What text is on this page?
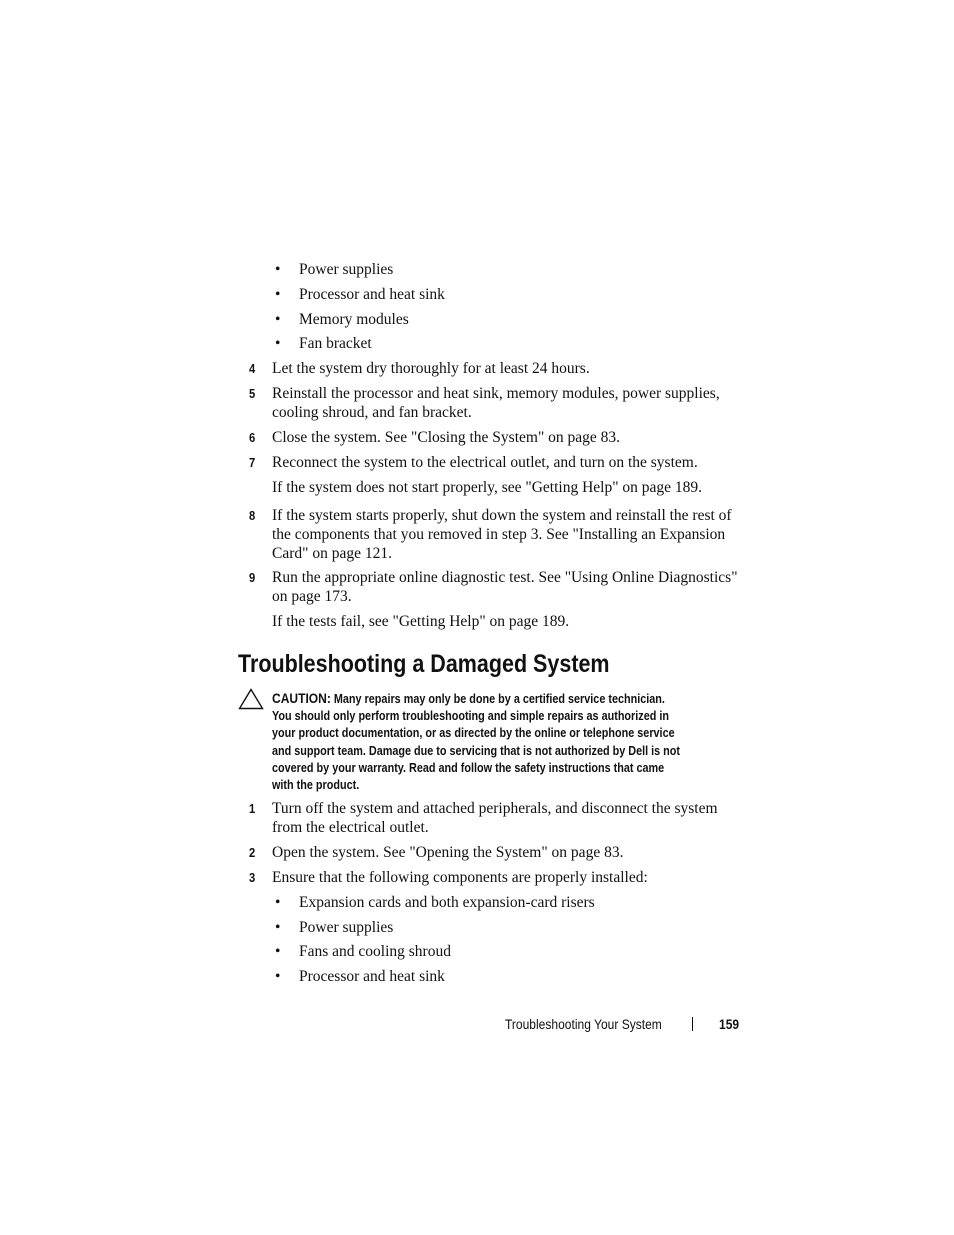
• Power supplies
• Processor and heat sink
• Memory modules
• Fan bracket
4 Let the system dry thoroughly for at least 24 hours.
5 Reinstall the processor and heat sink, memory modules, power supplies,
cooling shroud, and fan bracket.
6 Close the system. See "Closing the System" on page 83.
7 Reconnect the system to the electrical outlet, and turn on the system.
If the system does not start properly, see "Getting Help" on page 189.
8 If the system starts properly, shut down the system and reinstall the rest of
the components that you removed in step 3. See "Installing an Expansion
Card" on page 121.
9 Run the appropriate online diagnostic test. See "Using Online Diagnostics"
on page 173.
If the tests fail, see "Getting Help" on page 189.
Troubleshooting a Damaged System
CAUTION: Many repairs may only be done by a certified service technician.
You should only perform troubleshooting and simple repairs as authorized in
your product documentation, or as directed by the online or telephone service
and support team. Damage due to servicing that is not authorized by Dell is not
covered by your warranty. Read and follow the safety instructions that came
with the product.
1 Turn off the system and attached peripherals, and disconnect the system
from the electrical outlet.
2 Open the system. See "Opening the System" on page 83.
3 Ensure that the following components are properly installed:
• Expansion cards and both expansion-card risers
• Power supplies
• Fans and cooling shroud
• Processor and heat sink
Troubleshooting Your System	159
